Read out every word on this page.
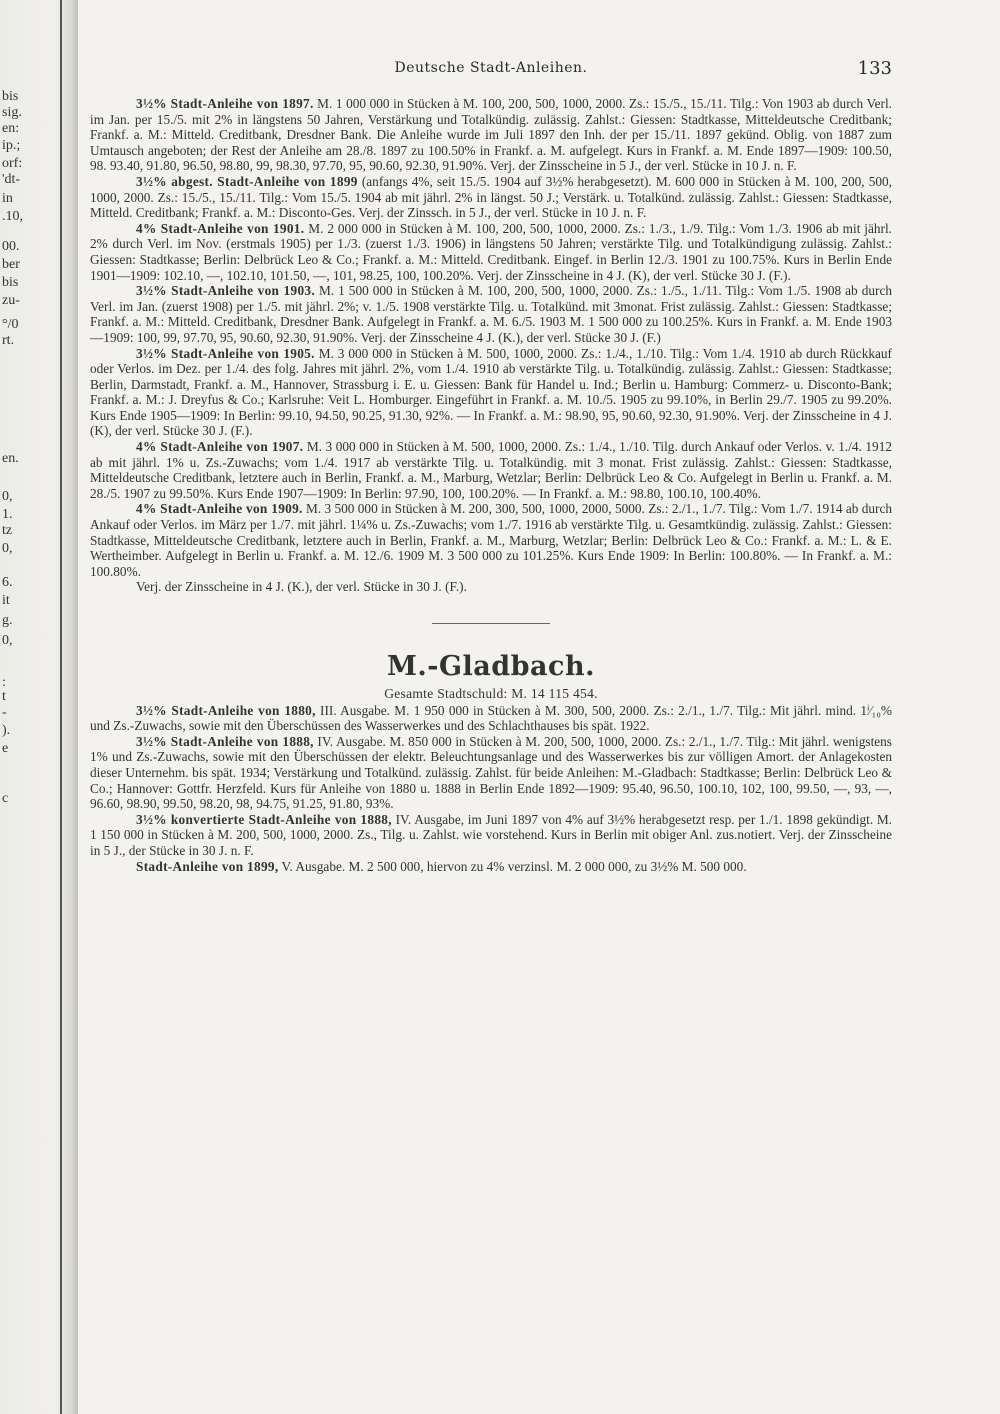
bis
sig.
en:
ip.;
orf:
'dt-
in
.10,
00.
ber
bis
zu-
°/0
rt.
en.
0,
1.
tz
0,
6.
it
g.
0,
:
t
-
).
e
c
Deutsche Stadt-Anleihen.	133

3½% Stadt-Anleihe von 1897. M. 1 000 000 in Stücken à M. 100, 200, 500, 1000, 2000. Zs.: 15./5., 15./11. Tilg.: Von 1903 ab durch Verl. im Jan. per 15./5. mit 2% in längstens 50 Jahren, Verstärkung und Totalkündig. zulässig. Zahlst.: Giessen: Stadtkasse, Mitteldeutsche Creditbank; Frankf. a. M.: Mitteld. Creditbank, Dresdner Bank. Die Anleihe wurde im Juli 1897 den Inh. der per 15./11. 1897 gekünd. Oblig. von 1887 zum Umtausch angeboten; der Rest der Anleihe am 28./8. 1897 zu 100.50% in Frankf. a. M. aufgelegt. Kurs in Frankf. a. M. Ende 1897—1909: 100.50, 98. 93.40, 91.80, 96.50, 98.80, 99, 98.30, 97.70, 95, 90.60, 92.30, 91.90%. Verj. der Zinsscheine in 5 J., der verl. Stücke in 10 J. n. F.

3½% abgest. Stadt-Anleihe von 1899 (anfangs 4%, seit 15./5. 1904 auf 3½% herabgesetzt). M. 600 000 in Stücken à M. 100, 200, 500, 1000, 2000. Zs.: 15./5., 15./11. Tilg.: Vom 15./5. 1904 ab mit jährl. 2% in längst. 50 J.; Verstärk. u. Totalkünd. zulässig. Zahlst.: Giessen: Stadtkasse, Mitteld. Creditbank; Frankf. a. M.: Disconto-Ges. Verj. der Zinssch. in 5 J., der verl. Stücke in 10 J. n. F.

4% Stadt-Anleihe von 1901. M. 2 000 000 in Stücken à M. 100, 200, 500, 1000, 2000. Zs.: 1./3., 1./9. Tilg.: Vom 1./3. 1906 ab mit jährl. 2% durch Verl. im Nov. (erstmals 1905) per 1./3. (zuerst 1./3. 1906) in längstens 50 Jahren; verstärkte Tilg. und Totalkündigung zulässig. Zahlst.: Giessen: Stadtkasse; Berlin: Delbrück Leo & Co.; Frankf. a. M.: Mitteld. Creditbank. Eingef. in Berlin 12./3. 1901 zu 100.75%. Kurs in Berlin Ende 1901—1909: 102.10, —, 102.10, 101.50, —, 101, 98.25, 100, 100.20%. Verj. der Zinsscheine in 4 J. (K), der verl. Stücke 30 J. (F.).

3½% Stadt-Anleihe von 1903. M. 1 500 000 in Stücken à M. 100, 200, 500, 1000, 2000. Zs.: 1./5., 1./11. Tilg.: Vom 1./5. 1908 ab durch Verl. im Jan. (zuerst 1908) per 1./5. mit jährl. 2%; v. 1./5. 1908 verstärkte Tilg. u. Totalkünd. mit 3monat. Frist zulässig. Zahlst.: Giessen: Stadtkasse; Frankf. a. M.: Mitteld. Creditbank, Dresdner Bank. Aufgelegt in Frankf. a. M. 6./5. 1903 M. 1 500 000 zu 100.25%. Kurs in Frankf. a. M. Ende 1903—1909: 100, 99, 97.70, 95, 90.60, 92.30, 91.90%. Verj. der Zinsscheine 4 J. (K.), der verl. Stücke 30 J. (F.)

3½% Stadt-Anleihe von 1905. M. 3 000 000 in Stücken à M. 500, 1000, 2000. Zs.: 1./4., 1./10. Tilg.: Vom 1./4. 1910 ab durch Rückkauf oder Verlos. im Dez. per 1./4. des folg. Jahres mit jährl. 2%, vom 1./4. 1910 ab verstärkte Tilg. u. Totalkündig. zulässig. Zahlst.: Giessen: Stadtkasse; Berlin, Darmstadt, Frankf. a. M., Hannover, Strassburg i. E. u. Giessen: Bank für Handel u. Ind.; Berlin u. Hamburg: Commerz- u. Disconto-Bank; Frankf. a. M.: J. Dreyfus & Co.; Karlsruhe: Veit L. Homburger. Eingeführt in Frankf. a. M. 10./5. 1905 zu 99.10%, in Berlin 29./7. 1905 zu 99.20%. Kurs Ende 1905—1909: In Berlin: 99.10, 94.50, 90.25, 91.30, 92%. — In Frankf. a. M.: 98.90, 95, 90.60, 92.30, 91.90%. Verj. der Zinsscheine in 4 J. (K), der verl. Stücke 30 J. (F.).

4% Stadt-Anleihe von 1907. M. 3 000 000 in Stücken à M. 500, 1000, 2000. Zs.: 1./4., 1./10. Tilg. durch Ankauf oder Verlos. v. 1./4. 1912 ab mit jährl. 1% u. Zs.-Zuwachs; vom 1./4. 1917 ab verstärkte Tilg. u. Totalkündig. mit 3 monat. Frist zulässig. Zahlst.: Giessen: Stadtkasse, Mitteldeutsche Creditbank, letztere auch in Berlin, Frankf. a. M., Marburg, Wetzlar; Berlin: Delbrück Leo & Co. Aufgelegt in Berlin u. Frankf. a. M. 28./5. 1907 zu 99.50%. Kurs Ende 1907—1909: In Berlin: 97.90, 100, 100.20%. — In Frankf. a. M.: 98.80, 100.10, 100.40%.

4% Stadt-Anleihe von 1909. M. 3 500 000 in Stücken à M. 200, 300, 500, 1000, 2000, 5000. Zs.: 2./1., 1./7. Tilg.: Vom 1./7. 1914 ab durch Ankauf oder Verlos. im März per 1./7. mit jährl. 1¼% u. Zs.-Zuwachs; vom 1./7. 1916 ab verstärkte Tilg. u. Gesamtkündig. zulässig. Zahlst.: Giessen: Stadtkasse, Mitteldeutsche Creditbank, letztere auch in Berlin, Frankf. a. M., Marburg, Wetzlar; Berlin: Delbrück Leo & Co.: Frankf. a. M.: L. & E. Wertheimber. Aufgelegt in Berlin u. Frankf. a. M. 12./6. 1909 M. 3 500 000 zu 101.25%. Kurs Ende 1909: In Berlin: 100.80%. — In Frankf. a. M.: 100.80%.

Verj. der Zinsscheine in 4 J. (K.), der verl. Stücke in 30 J. (F.).

M.-Gladbach.
Gesamte Stadtschuld: M. 14 115 454.

3½% Stadt-Anleihe von 1880, III. Ausgabe. M. 1 950 000 in Stücken à M. 300, 500, 2000. Zs.: 2./1., 1./7. Tilg.: Mit jährl. mind. 1ⁱ⁄₁₀% und Zs.-Zuwachs, sowie mit den Überschüssen des Wasserwerkes und des Schlachthauses bis spät. 1922.

3½% Stadt-Anleihe von 1888, IV. Ausgabe. M. 850 000 in Stücken à M. 200, 500, 1000, 2000. Zs.: 2./1., 1./7. Tilg.: Mit jährl. wenigstens 1% und Zs.-Zuwachs, sowie mit den Überschüssen der elektr. Beleuchtungsanlage und des Wasserwerkes bis zur völligen Amort. der Anlagekosten dieser Unternehm. bis spät. 1934; Verstärkung und Totalkünd. zulässig. Zahlst. für beide Anleihen: M.-Gladbach: Stadtkasse; Berlin: Delbrück Leo & Co.; Hannover: Gottfr. Herzfeld. Kurs für Anleihe von 1880 u. 1888 in Berlin Ende 1892—1909: 95.40, 96.50, 100.10, 102, 100, 99.50, —, 93, —, 96.60, 98.90, 99.50, 98.20, 98, 94.75, 91.25, 91.80, 93%.

3½% konvertierte Stadt-Anleihe von 1888, IV. Ausgabe, im Juni 1897 von 4% auf 3½% herabgesetzt resp. per 1./1. 1898 gekündigt. M. 1 150 000 in Stücken à M. 200, 500, 1000, 2000. Zs., Tilg. u. Zahlst. wie vorstehend. Kurs in Berlin mit obiger Anl. zus.notiert. Verj. der Zinsscheine in 5 J., der Stücke in 30 J. n. F.

Stadt-Anleihe von 1899, V. Ausgabe. M. 2 500 000, hiervon zu 4% verzinsl. M. 2 000 000, zu 3½% M. 500 000.
